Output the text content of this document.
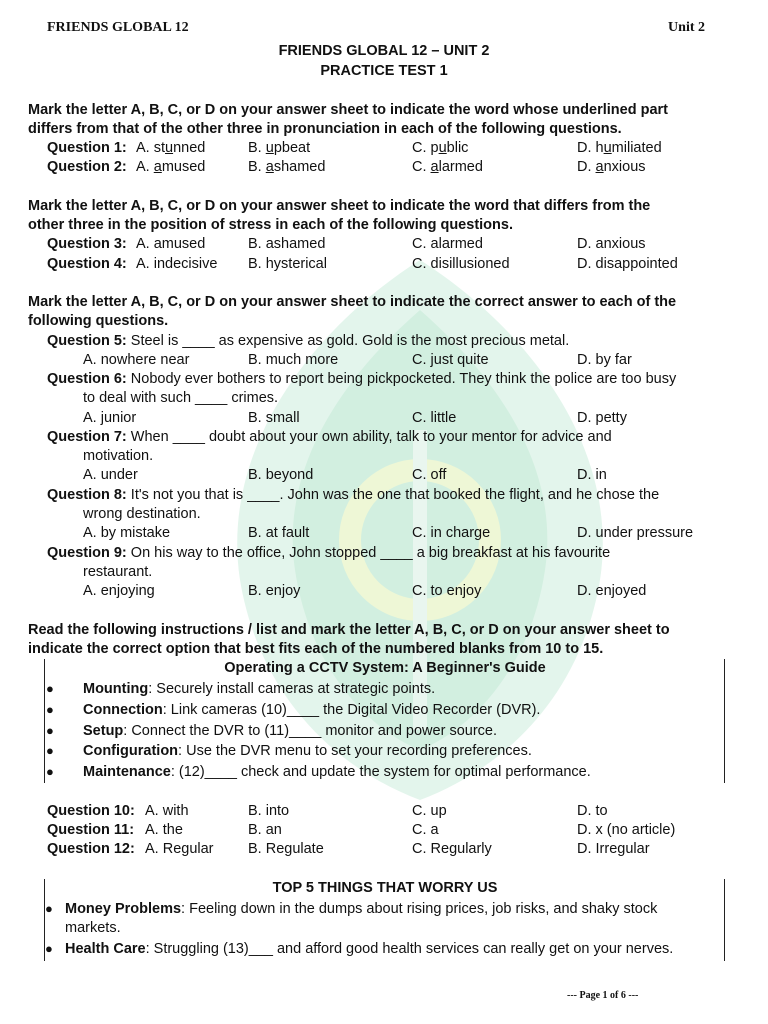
FRIENDS GLOBAL 12	Unit 2
FRIENDS GLOBAL 12 – UNIT 2
PRACTICE TEST 1
Mark the letter A, B, C, or D on your answer sheet to indicate the word whose underlined part
differs from that of the other three in pronunciation in each of the following questions.
Question 1: A. stunned	B. upbeat	C. public	D. humiliated
Question 2: A. amused	B. ashamed	C. alarmed	D. anxious
Mark the letter A, B, C, or D on your answer sheet to indicate the word that differs from the
other three in the position of stress in each of the following questions.
Question 3: A. amused	B. ashamed	C. alarmed	D. anxious
Question 4: A. indecisive B. hysterical	C. disillusioned	D. disappointed
Mark the letter A, B, C, or D on your answer sheet to indicate the correct answer to each of the
following questions.
Question 5: Steel is ____ as expensive as gold. Gold is the most precious metal.
A. nowhere near	B. much more	C. just quite	D. by far
Question 6: Nobody ever bothers to report being pickpocketed. They think the police are too busy
to deal with such ____ crimes.
A. junior	B. small	C. little	D. petty
Question 7: When ____ doubt about your own ability, talk to your mentor for advice and
motivation.
A. under	B. beyond	C. off	D. in
Question 8: It's not you that is ____. John was the one that booked the flight, and he chose the
wrong destination.
A. by mistake	B. at fault	C. in charge	D. under pressure
Question 9: On his way to the office, John stopped ____ a big breakfast at his favourite
restaurant.
A. enjoying	B. enjoy	C. to enjoy	D. enjoyed
Read the following instructions / list and mark the letter A, B, C, or D on your answer sheet to
indicate the correct option that best fits each of the numbered blanks from 10 to 15.
Operating a CCTV System: A Beginner's Guide
● Mounting: Securely install cameras at strategic points.
● Connection: Link cameras (10)____ the Digital Video Recorder (DVR).
● Setup: Connect the DVR to (11)____ monitor and power source.
● Configuration: Use the DVR menu to set your recording preferences.
● Maintenance: (12)____ check and update the system for optimal performance.
Question 10: A. with	B. into	C. up	D. to
Question 11: A. the	B. an	C. a	D. x (no article)
Question 12: A. Regular B. Regulate	C. Regularly	D. Irregular
TOP 5 THINGS THAT WORRY US
● Money Problems: Feeling down in the dumps about rising prices, job risks, and shaky stock
markets.
● Health Care: Struggling (13)___ and afford good health services can really get on your nerves.
--- Page 1 of 6 ---
